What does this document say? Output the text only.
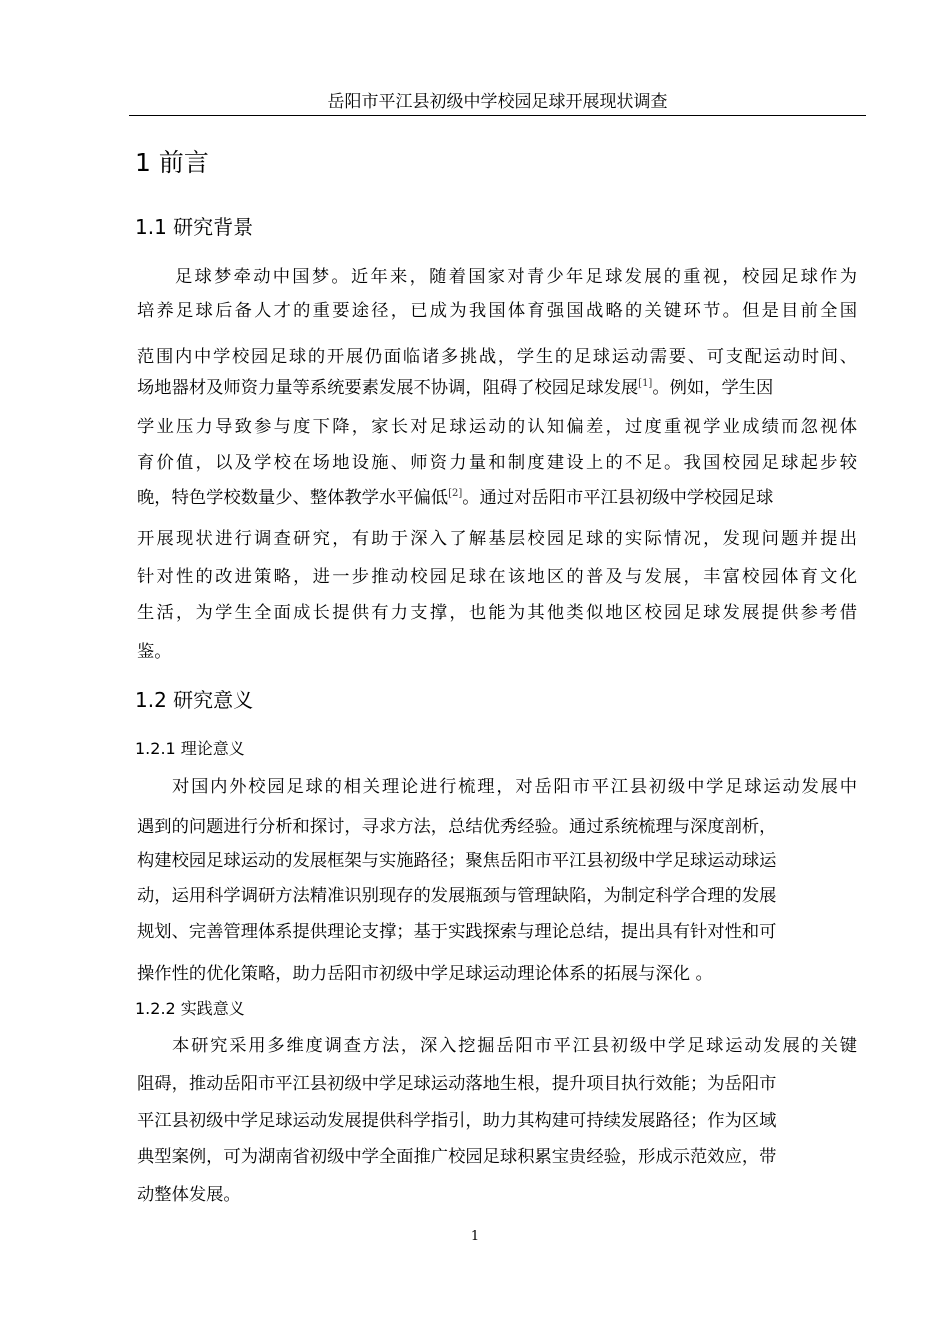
岳阳市平江县初级中学校园足球开展现状调查
1 前言
1.1 研究背景
足球梦牵动中国梦。近年来，随着国家对青少年足球发展的重视，校园足球作为
培养足球后备人才的重要途径，已成为我国体育强国战略的关键环节。但是目前全国
范围内中学校园足球的开展仍面临诸多挑战，学生的足球运动需要、可支配运动时间、
场地器材及师资力量等系统要素发展不协调，阻碍了校园足球发展[1]。例如，学生因
学业压力导致参与度下降，家长对足球运动的认知偏差，过度重视学业成绩而忽视体
育价值，以及学校在场地设施、师资力量和制度建设上的不足。我国校园足球起步较
晚，特色学校数量少、整体教学水平偏低[2]。通过对岳阳市平江县初级中学校园足球
开展现状进行调查研究，有助于深入了解基层校园足球的实际情况，发现问题并提出
针对性的改进策略，进一步推动校园足球在该地区的普及与发展，丰富校园体育文化
生活，为学生全面成长提供有力支撑，也能为其他类似地区校园足球发展提供参考借
鉴。
1.2 研究意义
1.2.1 理论意义
对国内外校园足球的相关理论进行梳理，对岳阳市平江县初级中学足球运动发展中
遇到的问题进行分析和探讨，寻求方法，总结优秀经验。通过系统梳理与深度剖析，
构建校园足球运动的发展框架与实施路径；聚焦岳阳市平江县初级中学足球运动球运
动，运用科学调研方法精准识别现存的发展瓶颈与管理缺陷，为制定科学合理的发展
规划、完善管理体系提供理论支撑；基于实践探索与理论总结，提出具有针对性和可
操作性的优化策略，助力岳阳市初级中学足球运动理论体系的拓展与深化 。
1.2.2 实践意义
本研究采用多维度调查方法，深入挖掘岳阳市平江县初级中学足球运动发展的关键
阻碍，推动岳阳市平江县初级中学足球运动落地生根，提升项目执行效能；为岳阳市
平江县初级中学足球运动发展提供科学指引，助力其构建可持续发展路径；作为区域
典型案例，可为湖南省初级中学全面推广校园足球积累宝贵经验，形成示范效应，带
动整体发展。
1
